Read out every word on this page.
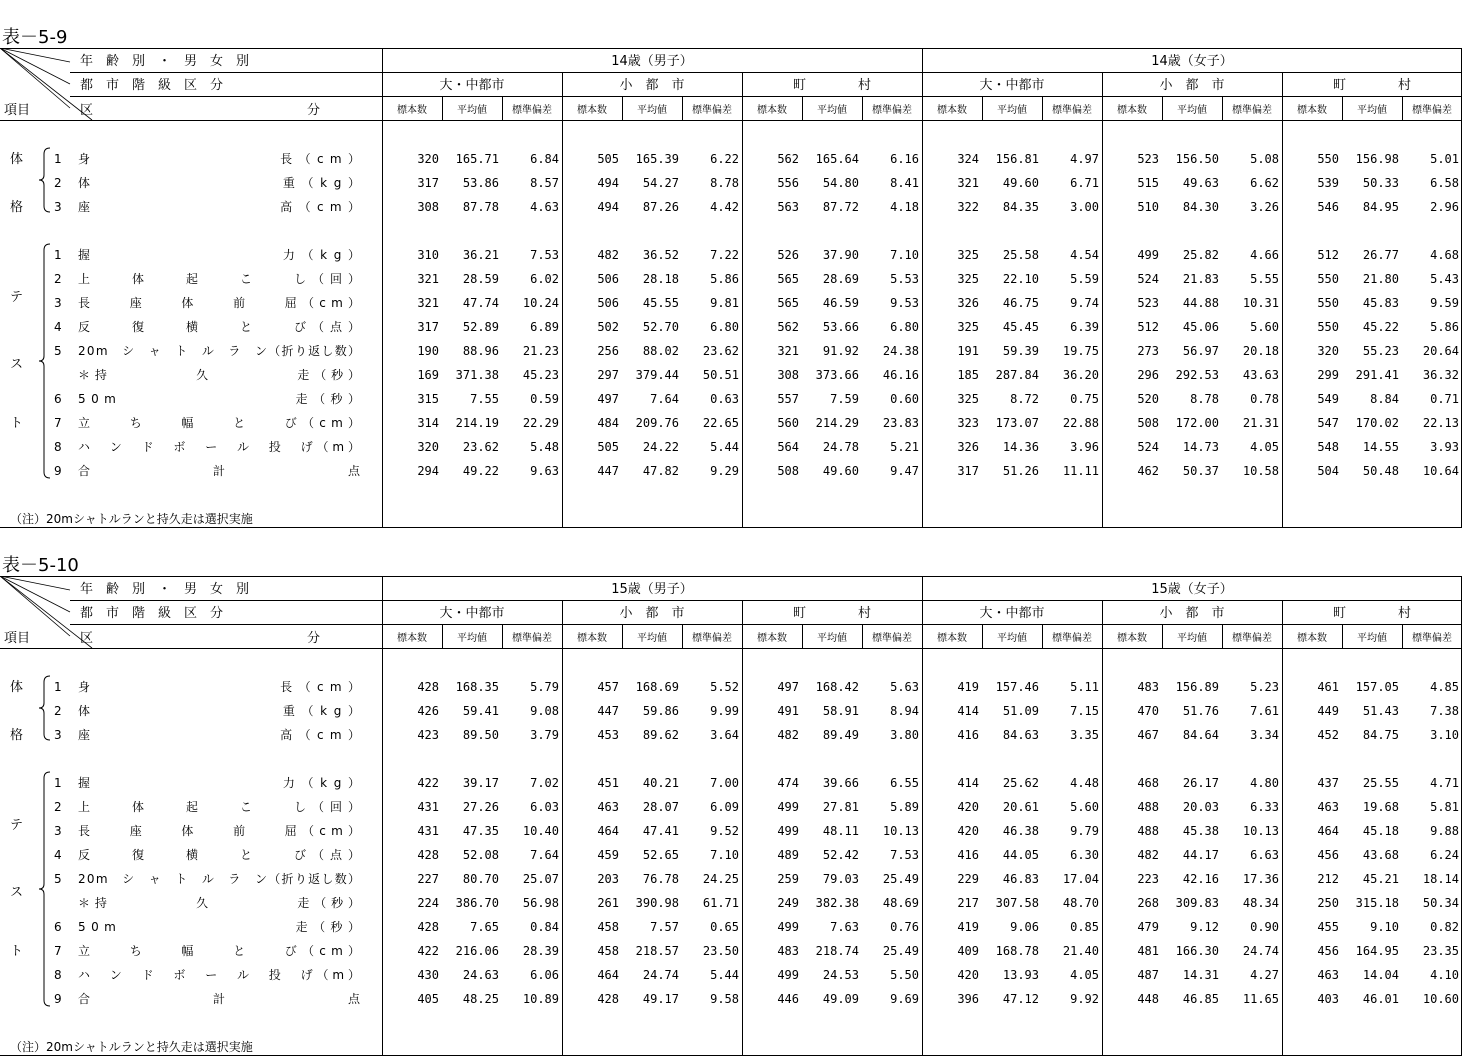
表－5-9
年　齢　別　・　男　女　別
都　市　階　級　区　分
項目	区　　　　　　　　　分
14歳（男子）	14歳（女子）
大・中都市
標本数	平均値	標準偏差
小　都　市
標本数	平均値	標準偏差
町　　　　村
標本数	平均値	標準偏差
大・中都市
標本数	平均値	標準偏差
小　都　市
標本数	平均値	標準偏差
町　　　　村
標本数	平均値	標準偏差
体
格
テ
ス
ト
1 身　　　　　　　　　　長（cm）	320 165.71	6.84	505 165.39	6.22	562 165.64	6.16	324 156.81	4.97	523 156.50	5.08	550 156.98	5.01
2 体　　　　　　　　　　重（kg）	317 53.86	8.57	494 54.27	8.78	556 54.80	8.41	321 49.60	6.71	515 49.63	6.62	539 50.33	6.58
3 座　　　　　　　　　　高（cm）	308 87.78	4.63	494 87.26	4.42	563 87.72	4.18	322 84.35	3.00	510 84.30	3.26	546 84.95	2.96
1 握　　　　　　　　　　力（kg）	310 36.21	7.53	482 36.52	7.22	526 37.90	7.10	325 25.58	4.54	499 25.82	4.66	512 26.77	4.68
2 上　　体　　起　　こ　　し（回）	321 28.59	6.02	506 28.18	5.86	565 28.69	5.53	325 22.10	5.59	524 21.83	5.55	550 21.80	5.43
3 長　　座　　体　　前　　屈（cm）	321 47.74 10.24	506 45.55	9.81	565 46.59	9.53	326 46.75	9.74	523 44.88 10.31	550 45.83	9.59
4 反　　復　　横　　と　　び（点）	317 52.89	6.89	502 52.70	6.80	562 53.66	6.80	325 45.45	6.39	512 45.06	5.60	550 45.22	5.86
5 20m　シ　ャ　ト　ル　ラ　ン（折り返し数）	190 88.96 21.23	256 88.02 23.62	321 91.92 24.38	191 59.39 19.75	273 56.97 20.18	320 55.23 20.64
＊持　　　　　久　　　　　走（秒）	169 371.38 45.23	297 379.44 50.51	308 373.66 46.16	185 287.84 36.20	296 292.53 43.63	299 291.41 36.32
6 50m　　　　　　　　　　走（秒）	315	7.55	0.59	497	7.64	0.63	557	7.59	0.60	325	8.72	0.75	520	8.78	0.78	549	8.84	0.71
7 立　　ち　　幅　　と　　び（cm）	314 214.19 22.29	484 209.76 22.65	560 214.29 23.83	323 173.07 22.88	508 172.00 21.31	547 170.02 22.13
8 ハ　ン　ド　ボ　ー　ル　投　げ（m）	320 23.62	5.48	505 24.22	5.44	564 24.78	5.21	326 14.36	3.96	524 14.73	4.05	548 14.55	3.93
9 合　　　　　　計　　　　　　点	294 49.22	9.63	447 47.82	9.29	508 49.60	9.47	317 51.26 11.11	462 50.37 10.58	504 50.48 10.64
（注）20mシャトルランと持久走は選択実施
表－5-10
年　齢　別　・　男　女　別
都　市　階　級　区　分
項目	区　　　　　　　　　分
15歳（男子）	15歳（女子）
大・中都市
標本数	平均値	標準偏差
小　都　市
標本数	平均値	標準偏差
町　　　　村
標本数	平均値	標準偏差
大・中都市
標本数	平均値	標準偏差
小　都　市
標本数	平均値	標準偏差
町　　　　村
標本数	平均値	標準偏差
体
格
テ
ス
ト
1 身　　　　　　　　　　長（cm）	428 168.35	5.79	457 168.69	5.52	497 168.42	5.63	419 157.46	5.11	483 156.89	5.23	461 157.05	4.85
2 体　　　　　　　　　　重（kg）	426 59.41	9.08	447 59.86	9.99	491 58.91	8.94	414 51.09	7.15	470 51.76	7.61	449 51.43	7.38
3 座　　　　　　　　　　高（cm）	423 89.50	3.79	453 89.62	3.64	482 89.49	3.80	416 84.63	3.35	467 84.64	3.34	452 84.75	3.10
1 握　　　　　　　　　　力（kg）	422 39.17	7.02	451 40.21	7.00	474 39.66	6.55	414 25.62	4.48	468 26.17	4.80	437 25.55	4.71
2 上　　体　　起　　こ　　し（回）	431 27.26	6.03	463 28.07	6.09	499 27.81	5.89	420 20.61	5.60	488 20.03	6.33	463 19.68	5.81
3 長　　座　　体　　前　　屈（cm）	431 47.35 10.40	464 47.41	9.52	499 48.11 10.13	420 46.38	9.79	488 45.38 10.13	464 45.18	9.88
4 反　　復　　横　　と　　び（点）	428 52.08	7.64	459 52.65	7.10	489 52.42	7.53	416 44.05	6.30	482 44.17	6.63	456 43.68	6.24
5 20m　シ　ャ　ト　ル　ラ　ン（折り返し数）	227 80.70 25.07	203 76.78 24.25	259 79.03 25.49	229 46.83 17.04	223 42.16 17.36	212 45.21 18.14
＊持　　　　　久　　　　　走（秒）	224 386.70 56.98	261 390.98 61.71	249 382.38 48.69	217 307.58 48.70	268 309.83 48.34	250 315.18 50.34
6 50m　　　　　　　　　　走（秒）	428	7.65	0.84	458	7.57	0.65	499	7.63	0.76	419	9.06	0.85	479	9.12	0.90	455	9.10	0.82
7 立　　ち　　幅　　と　　び（cm）	422 216.06 28.39	458 218.57 23.50	483 218.74 25.49	409 168.78 21.40	481 166.30 24.74	456 164.95 23.35
8 ハ　ン　ド　ボ　ー　ル　投　げ（m）	430 24.63	6.06	464 24.74	5.44	499 24.53	5.50	420 13.93	4.05	487 14.31	4.27	463 14.04	4.10
9 合　　　　　　計　　　　　　点	405 48.25 10.89	428 49.17	9.58	446 49.09	9.69	396 47.12	9.92	448 46.85 11.65	403 46.01 10.60
（注）20mシャトルランと持久走は選択実施
